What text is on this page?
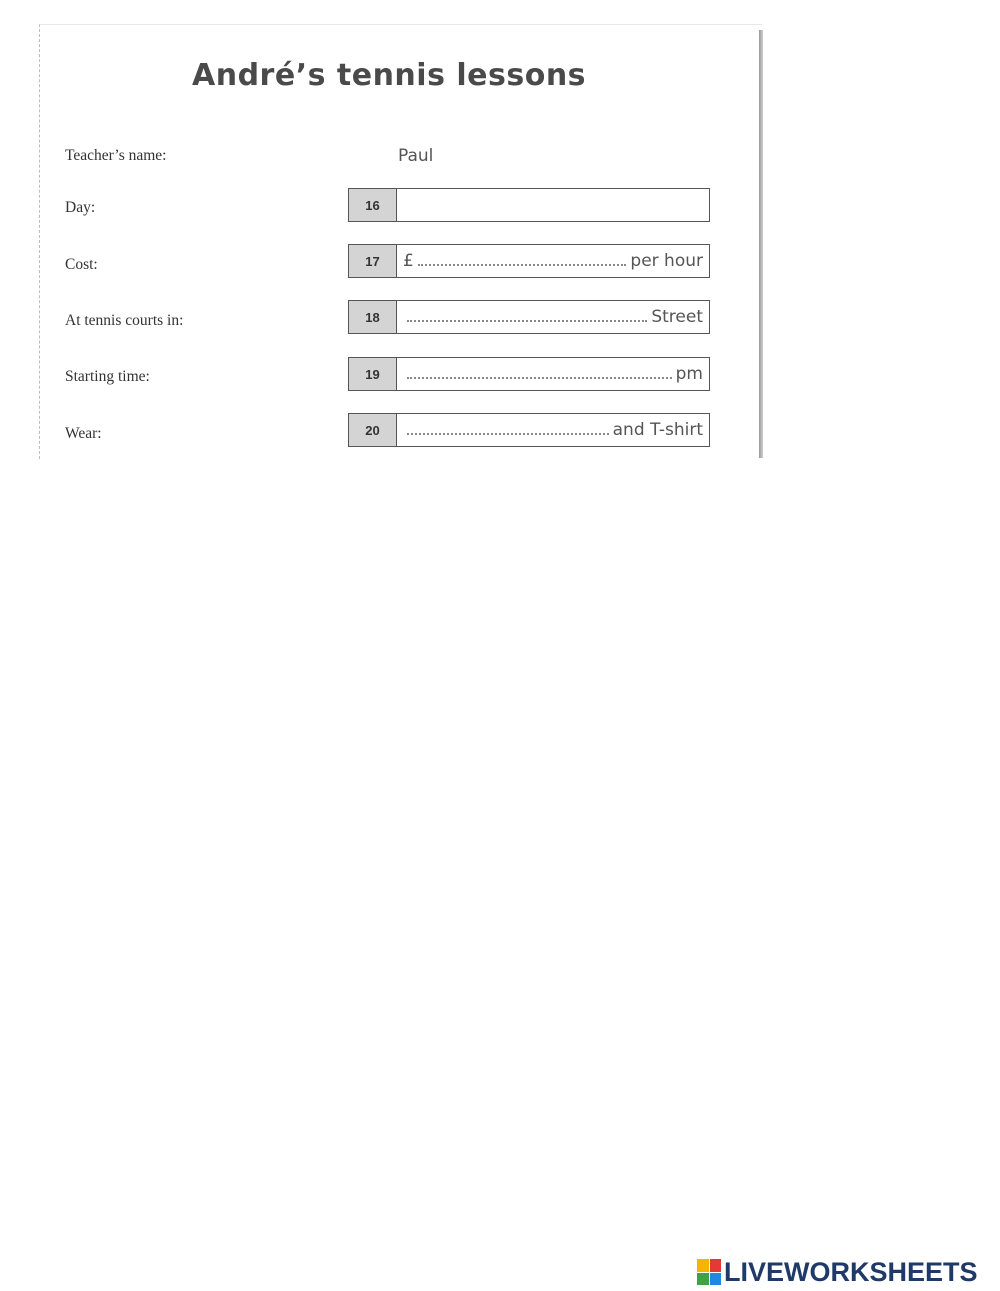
André’s tennis lessons
Teacher’s name:	Paul
Day:	16
Cost:	17	£	per hour
At tennis courts in:	18	Street
Starting time:	19	pm
Wear:	20	and T-shirt
LIVEWORKSHEETS
